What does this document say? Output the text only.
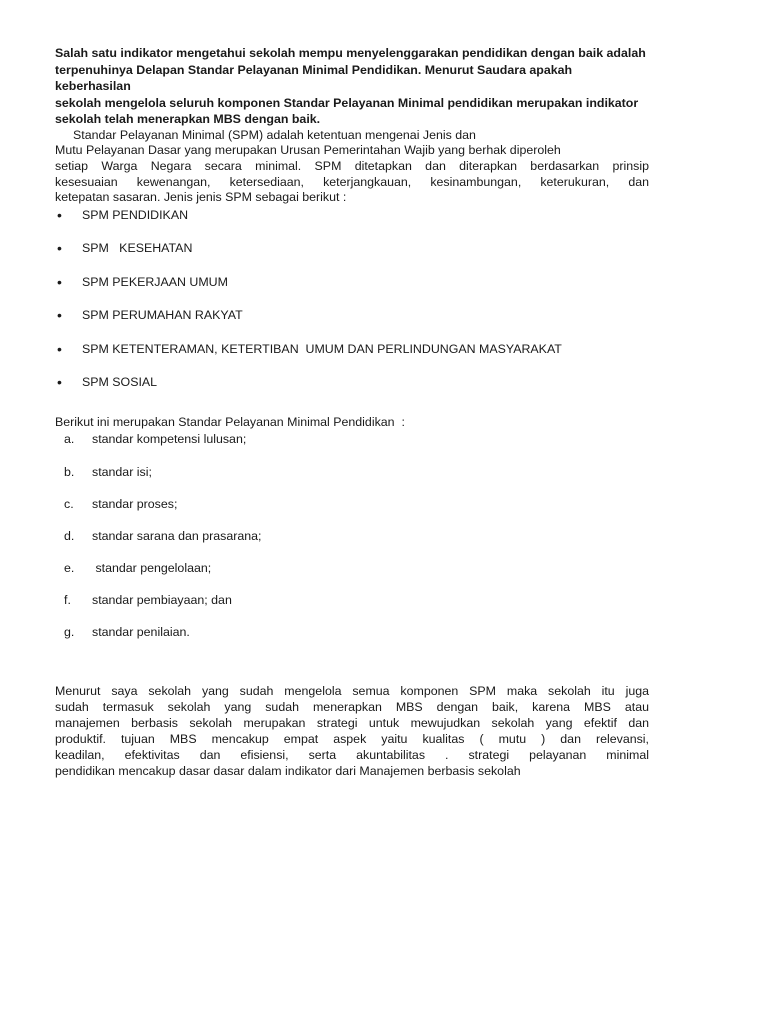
Salah satu indikator mengetahui sekolah mempu menyelenggarakan pendidikan dengan baik adalah
terpenuhinya Delapan Standar Pelayanan Minimal Pendidikan. Menurut Saudara apakah keberhasilan
sekolah mengelola seluruh komponen Standar Pelayanan Minimal pendidikan merupakan indikator
sekolah telah menerapkan MBS dengan baik.

Standar Pelayanan Minimal (SPM) adalah ketentuan mengenai Jenis dan
Mutu Pelayanan Dasar yang merupakan Urusan Pemerintahan Wajib yang berhak diperoleh
setiap Warga Negara secara minimal. SPM ditetapkan dan diterapkan berdasarkan prinsip
kesesuaian kewenangan, ketersediaan, keterjangkauan, kesinambungan, keterukuran, dan
ketepatan sasaran. Jenis jenis SPM sebagai berikut :

• SPM PENDIDIKAN
• SPM   KESEHATAN
• SPM PEKERJAAN UMUM
• SPM PERUMAHAN RAKYAT
• SPM KETENTERAMAN, KETERTIBAN  UMUM DAN PERLINDUNGAN MASYARAKAT
• SPM SOSIAL

Berikut ini merupakan Standar Pelayanan Minimal Pendidikan  :

a. standar kompetensi lulusan;
b. standar isi;
c. standar proses;
d. standar sarana dan prasarana;
e. standar pengelolaan;
f. standar pembiayaan; dan
g. standar penilaian.

Menurut saya sekolah yang sudah mengelola semua komponen SPM maka sekolah itu juga
sudah termasuk sekolah yang sudah menerapkan MBS dengan baik, karena MBS atau
manajemen berbasis sekolah merupakan strategi untuk mewujudkan sekolah yang efektif dan
produktif. tujuan MBS mencakup empat aspek yaitu kualitas ( mutu ) dan relevansi,
keadilan, efektivitas dan efisiensi, serta akuntabilitas . strategi pelayanan minimal
pendidikan mencakup dasar dasar dalam indikator dari Manajemen berbasis sekolah
